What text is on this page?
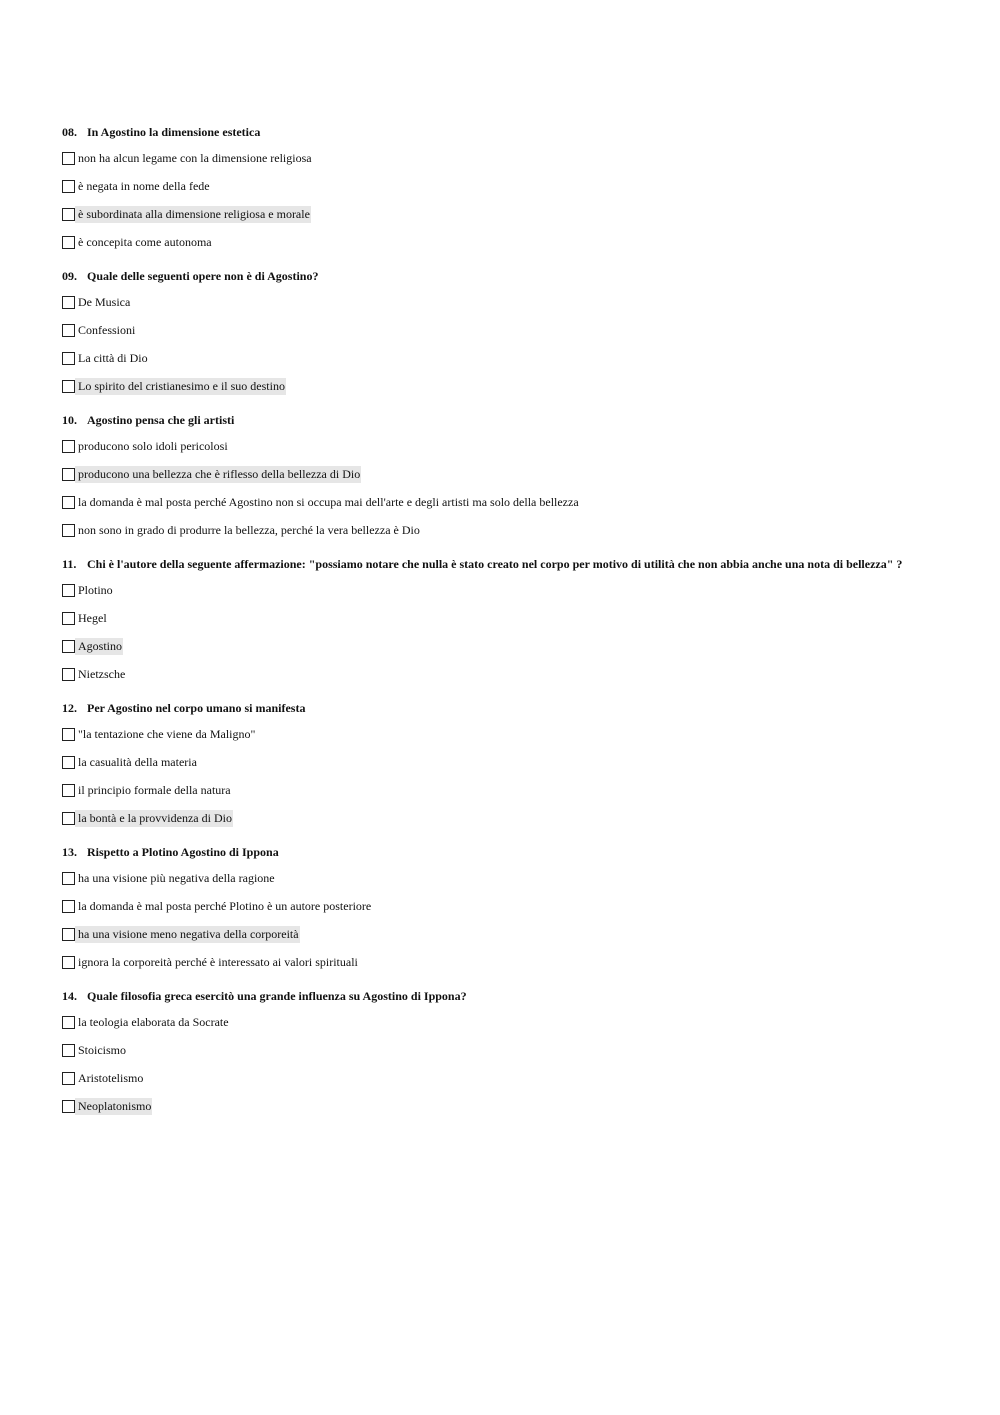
08. In Agostino la dimensione estetica
non ha alcun legame con la dimensione religiosa
è negata in nome della fede
è subordinata alla dimensione religiosa e morale
è concepita come autonoma
09. Quale delle seguenti opere non è di Agostino?
De Musica
Confessioni
La città di Dio
Lo spirito del cristianesimo e il suo destino
10. Agostino pensa che gli artisti
producono solo idoli pericolosi
producono una bellezza che è riflesso della bellezza di Dio
la domanda è mal posta perché Agostino non si occupa mai dell'arte e degli artisti ma solo della bellezza
non sono in grado di produrre la bellezza, perché la vera bellezza è Dio
11. Chi è l'autore della seguente affermazione: "possiamo notare che nulla è stato creato nel corpo per motivo di utilità che non abbia anche una nota di bellezza" ?
Plotino
Hegel
Agostino
Nietzsche
12. Per Agostino nel corpo umano si manifesta
"la tentazione che viene da Maligno"
la casualità della materia
il principio formale della natura
la bontà e la provvidenza di Dio
13. Rispetto a Plotino Agostino di Ippona
ha una visione più negativa della ragione
la domanda è mal posta perché Plotino è un autore posteriore
ha una visione meno negativa della corporeità
ignora la corporeità perché è interessato ai valori spirituali
14. Quale filosofia greca esercitò una grande influenza su Agostino di Ippona?
la teologia elaborata da Socrate
Stoicismo
Aristotelismo
Neoplatonismo
